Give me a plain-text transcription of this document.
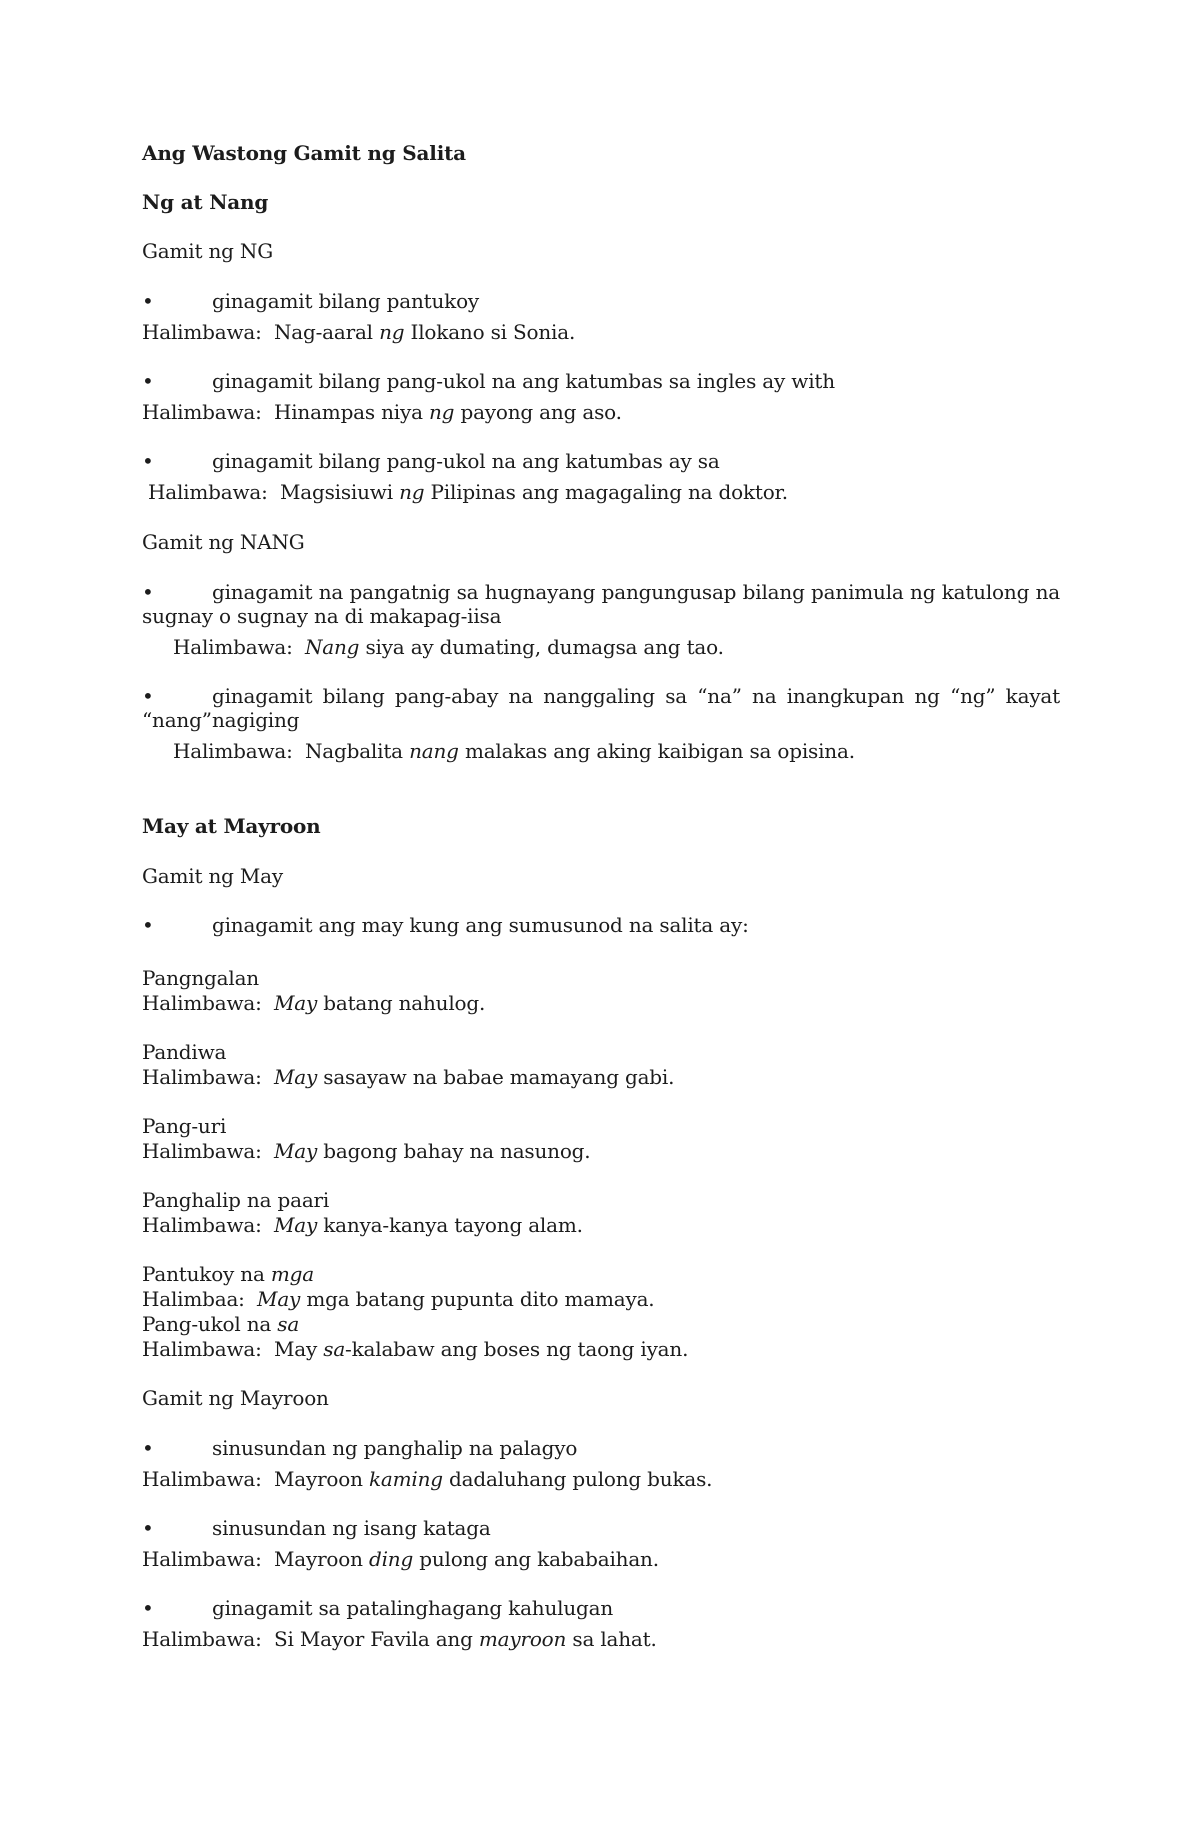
Ang Wastong Gamit ng Salita

Ng at Nang

Gamit ng NG

•	ginagamit bilang pantukoy

Halimbawa: Nag-aaral ng Ilokano si Sonia.

•	ginagamit bilang pang-ukol na ang katumbas sa ingles ay with

Halimbawa: Hinampas niya ng payong ang aso.

•	ginagamit bilang pang-ukol na ang katumbas ay sa

Halimbawa: Magsisiuwi ng Pilipinas ang magagaling na doktor.

Gamit ng NANG

•	ginagamit na pangatnig sa hugnayang pangungusap bilang panimula ng katulong na

sugnay o sugnay na di makapag-iisa

Halimbawa: Nang siya ay dumating, dumagsa ang tao.

•	ginagamit bilang pang-abay na nanggaling sa “na” na inangkupan ng “ng” kayat nagiging

“nang”

Halimbawa: Nagbalita nang malakas ang aking kaibigan sa opisina.

May at Mayroon

Gamit ng May

•	ginagamit ang may kung ang sumusunod na salita ay:

Pangngalan

Halimbawa: May batang nahulog.

Pandiwa

Halimbawa: May sasayaw na babae mamayang gabi.

Pang-uri

Halimbawa: May bagong bahay na nasunog.

Panghalip na paari

Halimbawa: May kanya-kanya tayong alam.

Pantukoy na mga

Halimbaa: May mga batang pupunta dito mamaya.

Pang-ukol na sa

Halimbawa: May sa-kalabaw ang boses ng taong iyan.

Gamit ng Mayroon

•	sinusundan ng panghalip na palagyo

Halimbawa: Mayroon kaming dadaluhang pulong bukas.

•	sinusundan ng isang kataga

Halimbawa: Mayroon ding pulong ang kababaihan.

•	ginagamit sa patalinghagang kahulugan

Halimbawa: Si Mayor Favila ang mayroon sa lahat.
